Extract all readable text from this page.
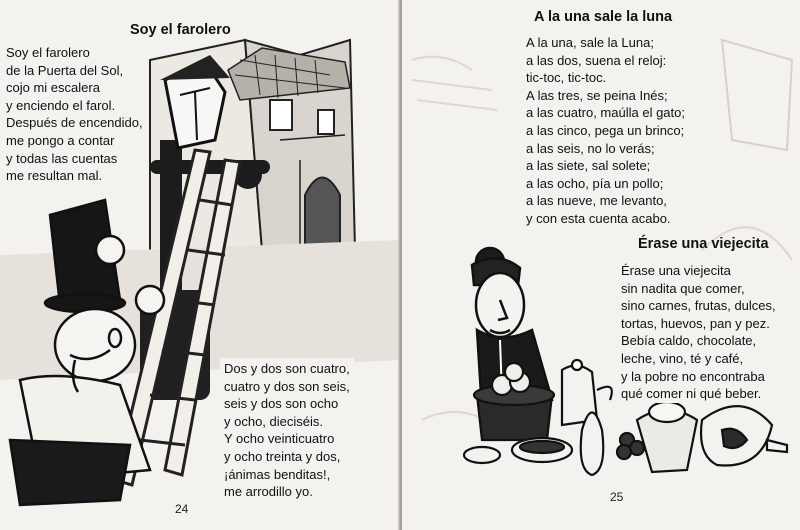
Soy el farolero
Soy el farolero
de la Puerta del Sol,
cojo mi escalera
y enciendo el farol.
Después de encendido,
me pongo a contar
y todas las cuentas
me resultan mal.
Dos y dos son cuatro,
cuatro y dos son seis,
seis y dos son ocho
y ocho, dieciséis.
Y ocho veinticuatro
y ocho treinta y dos,
¡ánimas benditas!,
me arrodillo yo.
24
A la una sale la luna
A la una, sale la Luna;
a las dos, suena el reloj:
tic-toc, tic-toc.
A las tres, se peina Inés;
a las cuatro, maúlla el gato;
a las cinco, pega un brinco;
a las seis, no lo verás;
a las siete, sal solete;
a las ocho, pía un pollo;
a las nueve, me levanto,
y con esta cuenta acabo.
Érase una viejecita
Érase una viejecita
sin nadita que comer,
sino carnes, frutas, dulces,
tortas, huevos, pan y pez.
Bebía caldo, chocolate,
leche, vino, té y café,
y la pobre no encontraba
qué comer ni qué beber.
25
